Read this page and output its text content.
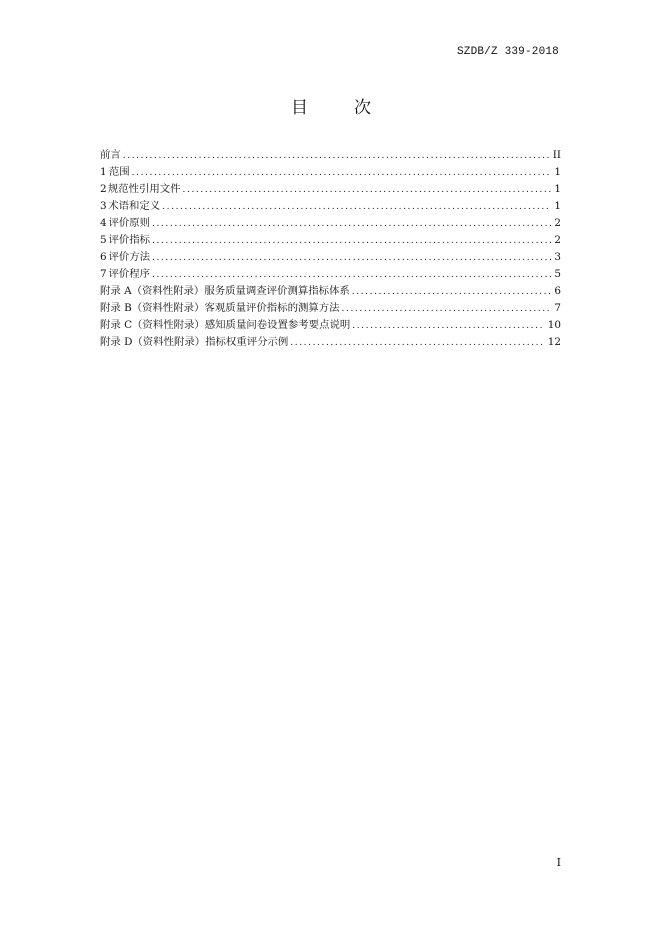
SZDB/Z 339-2018
目	次
前言 .....	II
1 范围 .....	1
2 规范性引用文件 .....	1
3 术语和定义 .....	1
4 评价原则 .....	2
5 评价指标 .....	2
6 评价方法 .....	3
7 评价程序 .....	5
附录 A（资料性附录）服务质量调查评价测算指标体系 .....	6
附录 B（资料性附录）客观质量评价指标的测算方法 .....	7
附录 C（资料性附录）感知质量问卷设置参考要点说明 .....	10
附录 D（资料性附录）指标权重评分示例 .....	12
I
